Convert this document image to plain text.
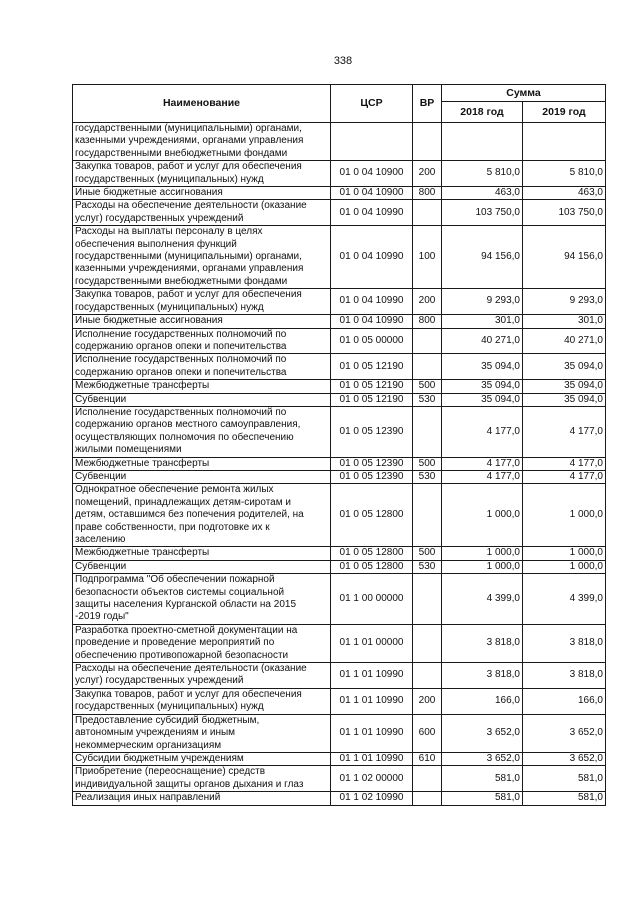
338
Наименование	ЦСР	ВР	Сумма	
			2018 год	2019 год
государственными (муниципальными) органами,
казенными учреждениями, органами управления
государственными внебюджетными фондами				
Закупка товаров, работ и услуг для обеспечения
государственных (муниципальных) нужд	01 0 04 10900	200	5 810,0	5 810,0
Иные бюджетные ассигнования	01 0 04 10900	800	463,0	463,0
Расходы на обеспечение деятельности (оказание
услуг) государственных учреждений	01 0 04 10990		103 750,0	103 750,0
Расходы на выплаты персоналу в целях
обеспечения выполнения функций
государственными (муниципальными) органами,
казенными учреждениями, органами управления
государственными внебюджетными фондами	01 0 04 10990	100	94 156,0	94 156,0
Закупка товаров, работ и услуг для обеспечения
государственных (муниципальных) нужд	01 0 04 10990	200	9 293,0	9 293,0
Иные бюджетные ассигнования	01 0 04 10990	800	301,0	301,0
Исполнение государственных полномочий по
содержанию органов опеки и попечительства	01 0 05 00000		40 271,0	40 271,0
Исполнение государственных полномочий по
содержанию органов опеки и попечительства	01 0 05 12190		35 094,0	35 094,0
Межбюджетные трансферты	01 0 05 12190	500	35 094,0	35 094,0
Субвенции	01 0 05 12190	530	35 094,0	35 094,0
Исполнение государственных полномочий по
содержанию органов местного самоуправления,
осуществляющих полномочия по обеспечению
жилыми помещениями	01 0 05 12390		4 177,0	4 177,0
Межбюджетные трансферты	01 0 05 12390	500	4 177,0	4 177,0
Субвенции	01 0 05 12390	530	4 177,0	4 177,0
Однократное обеспечение ремонта жилых
помещений, принадлежащих детям-сиротам и
детям, оставшимся без попечения родителей, на
праве собственности, при подготовке их к
заселению	01 0 05 12800		1 000,0	1 000,0
Межбюджетные трансферты	01 0 05 12800	500	1 000,0	1 000,0
Субвенции	01 0 05 12800	530	1 000,0	1 000,0
Подпрограмма "Об обеспечении пожарной
безопасности объектов системы социальной
защиты населения Курганской области на 2015
-2019 годы"	01 1 00 00000		4 399,0	4 399,0
Разработка проектно-сметной документации на
проведение и проведение мероприятий по
обеспечению противопожарной безопасности	01 1 01 00000		3 818,0	3 818,0
Расходы на обеспечение деятельности (оказание
услуг) государственных учреждений	01 1 01 10990		3 818,0	3 818,0
Закупка товаров, работ и услуг для обеспечения
государственных (муниципальных) нужд	01 1 01 10990	200	166,0	166,0
Предоставление субсидий бюджетным,
автономным учреждениям и иным
некоммерческим организациям	01 1 01 10990	600	3 652,0	3 652,0
Субсидии бюджетным учреждениям	01 1 01 10990	610	3 652,0	3 652,0
Приобретение (переоснащение) средств
индивидуальной защиты органов дыхания и глаз	01 1 02 00000		581,0	581,0
Реализация иных направлений	01 1 02 10990		581,0	581,0
